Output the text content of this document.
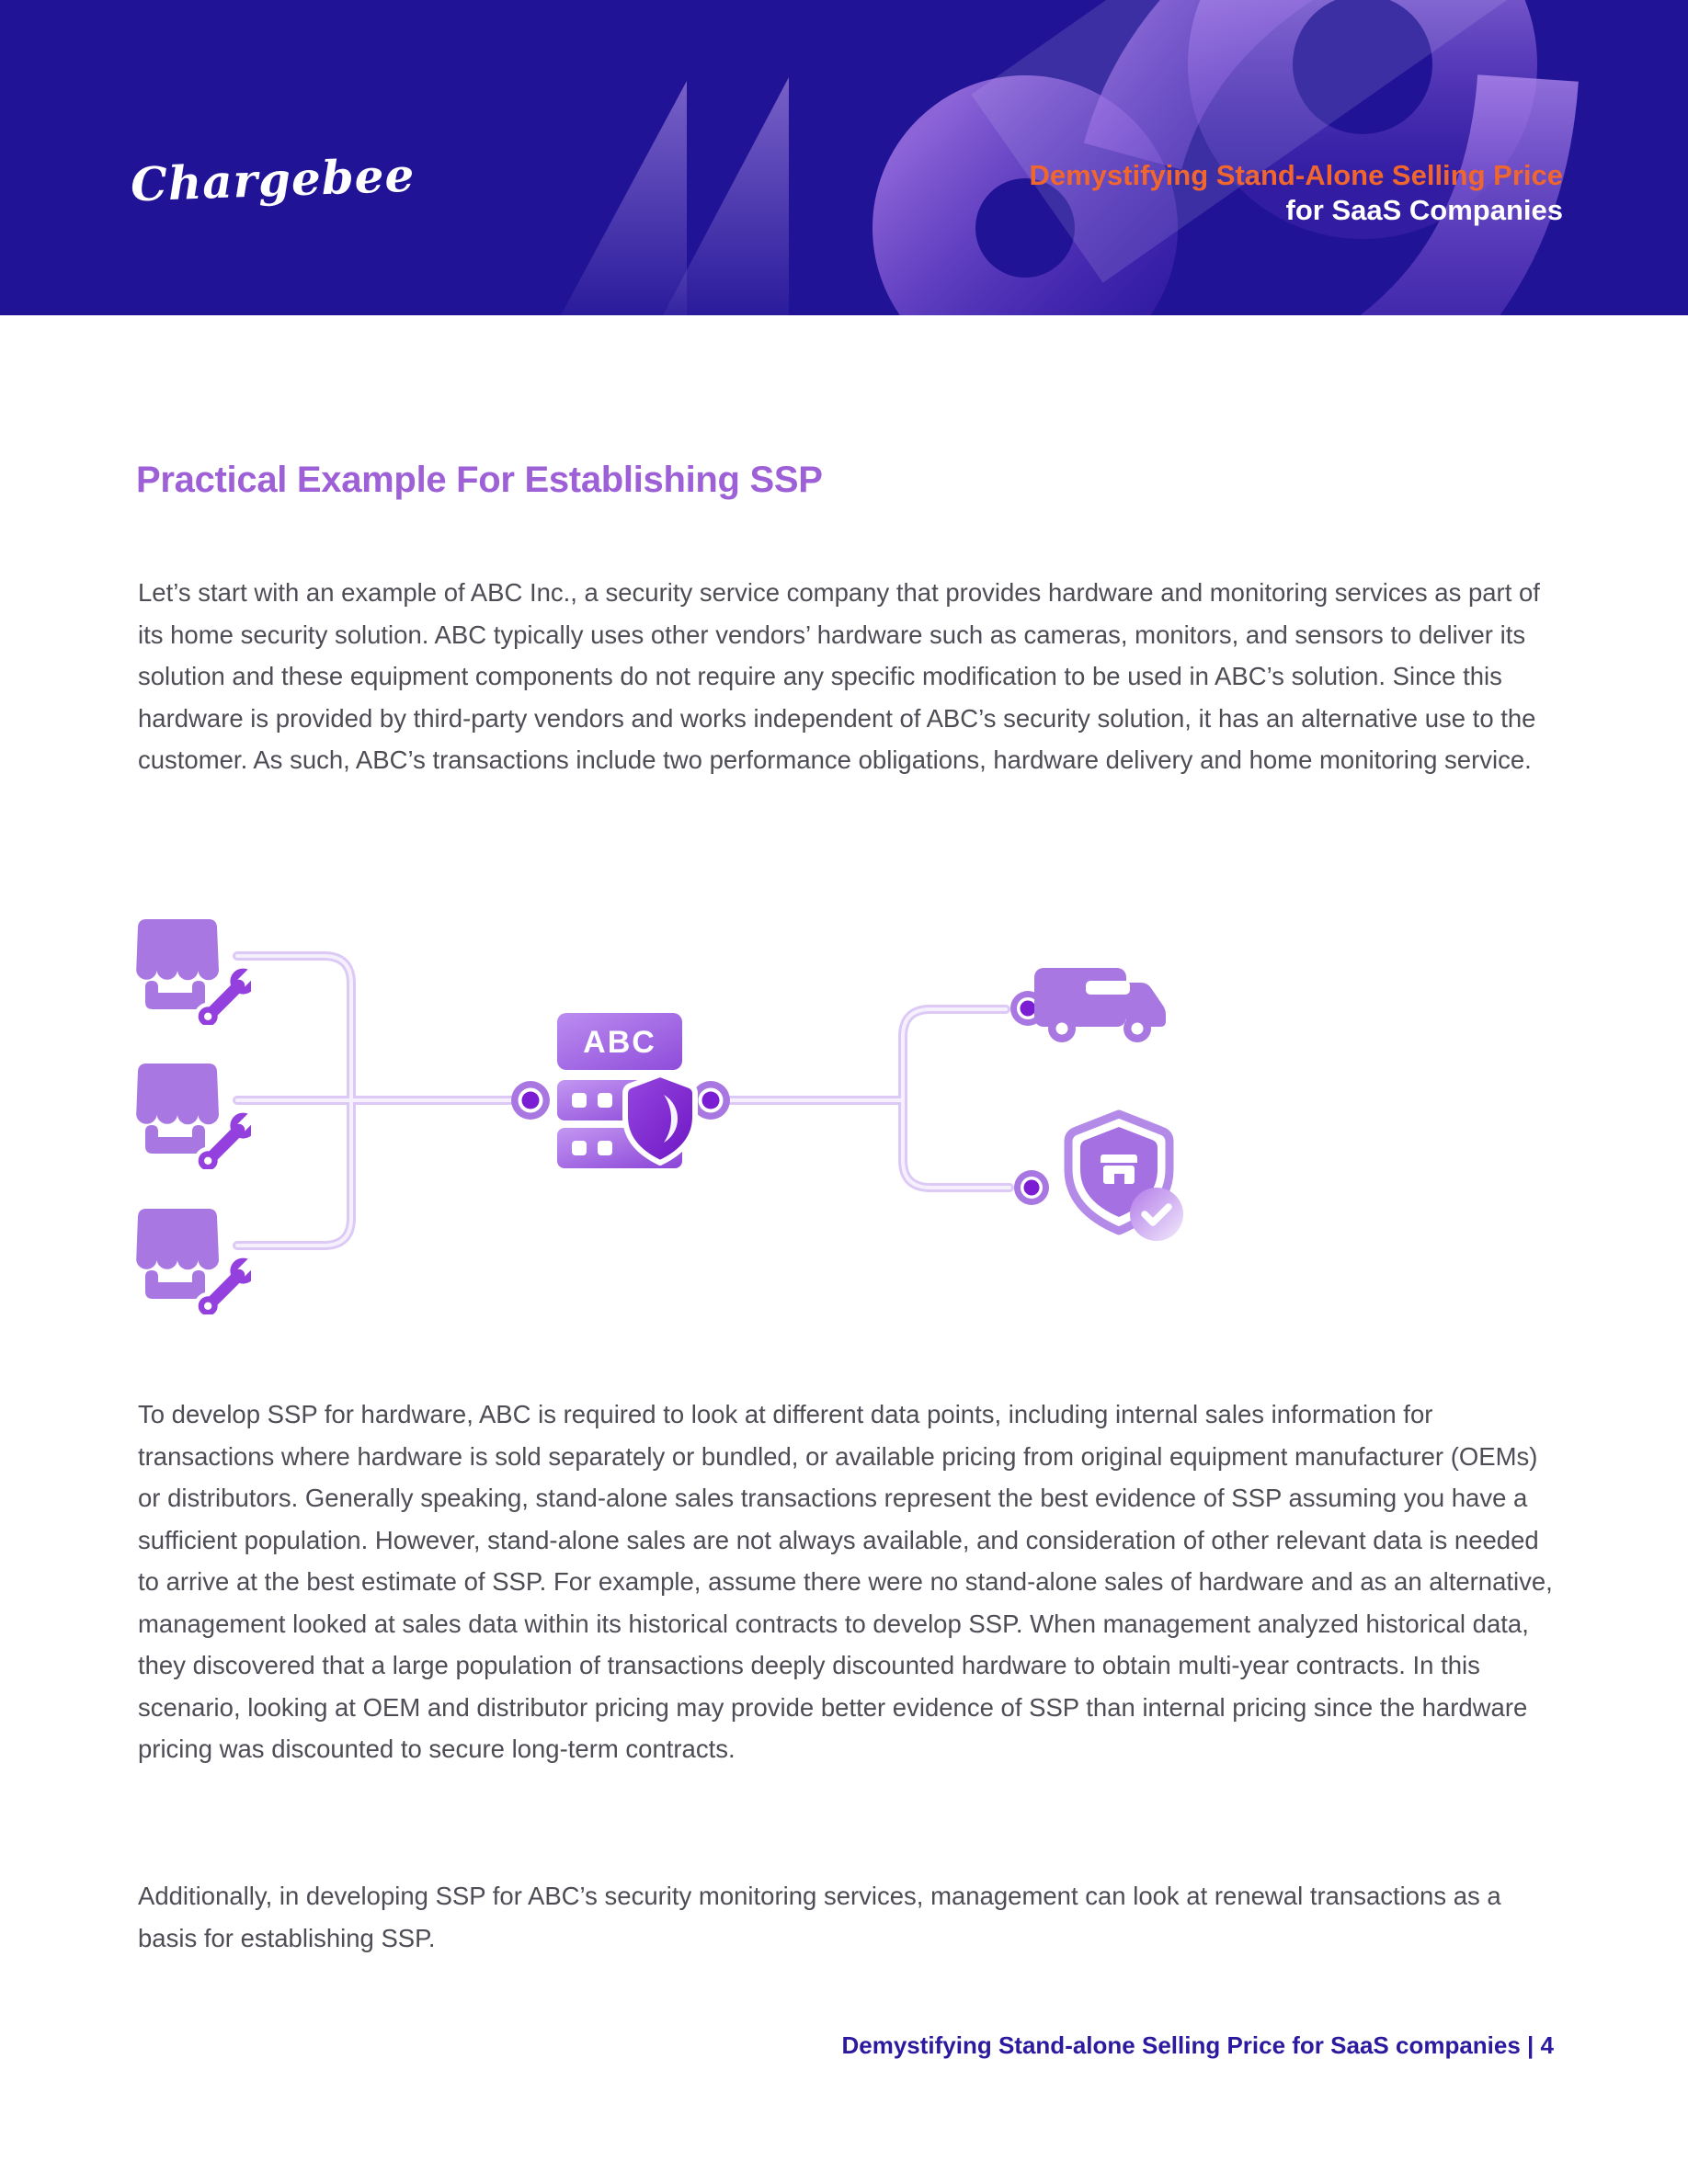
Chargebee	Demystifying Stand-Alone Selling Price
for SaaS Companies
Practical Example For Establishing SSP

Let’s start with an example of ABC Inc., a security service company that provides hardware and monitoring services as part of its home security solution. ABC typically uses other vendors’ hardware such as cameras, monitors, and sensors to deliver its solution and these equipment components do not require any specific modification to be used in ABC’s solution. Since this hardware is provided by third-party vendors and works independent of ABC’s security solution, it has an alternative use to the customer. As such, ABC’s transactions include two performance obligations, hardware delivery and home monitoring service.

ABC

To develop SSP for hardware, ABC is required to look at different data points, including internal sales information for transactions where hardware is sold separately or bundled, or available pricing from original equipment manufacturer (OEMs) or distributors. Generally speaking, stand-alone sales transactions represent the best evidence of SSP assuming you have a sufficient population. However, stand-alone sales are not always available, and consideration of other relevant data is needed to arrive at the best estimate of SSP. For example, assume there were no stand-alone sales of hardware and as an alternative, management looked at sales data within its historical contracts to develop SSP. When management analyzed historical data, they discovered that a large population of transactions deeply discounted hardware to obtain multi-year contracts. In this scenario, looking at OEM and distributor pricing may provide better evidence of SSP than internal pricing since the hardware pricing was discounted to secure long-term contracts.

Additionally, in developing SSP for ABC’s security monitoring services, management can look at renewal transactions as a basis for establishing SSP.

Demystifying Stand-alone Selling Price for SaaS companies | 4
